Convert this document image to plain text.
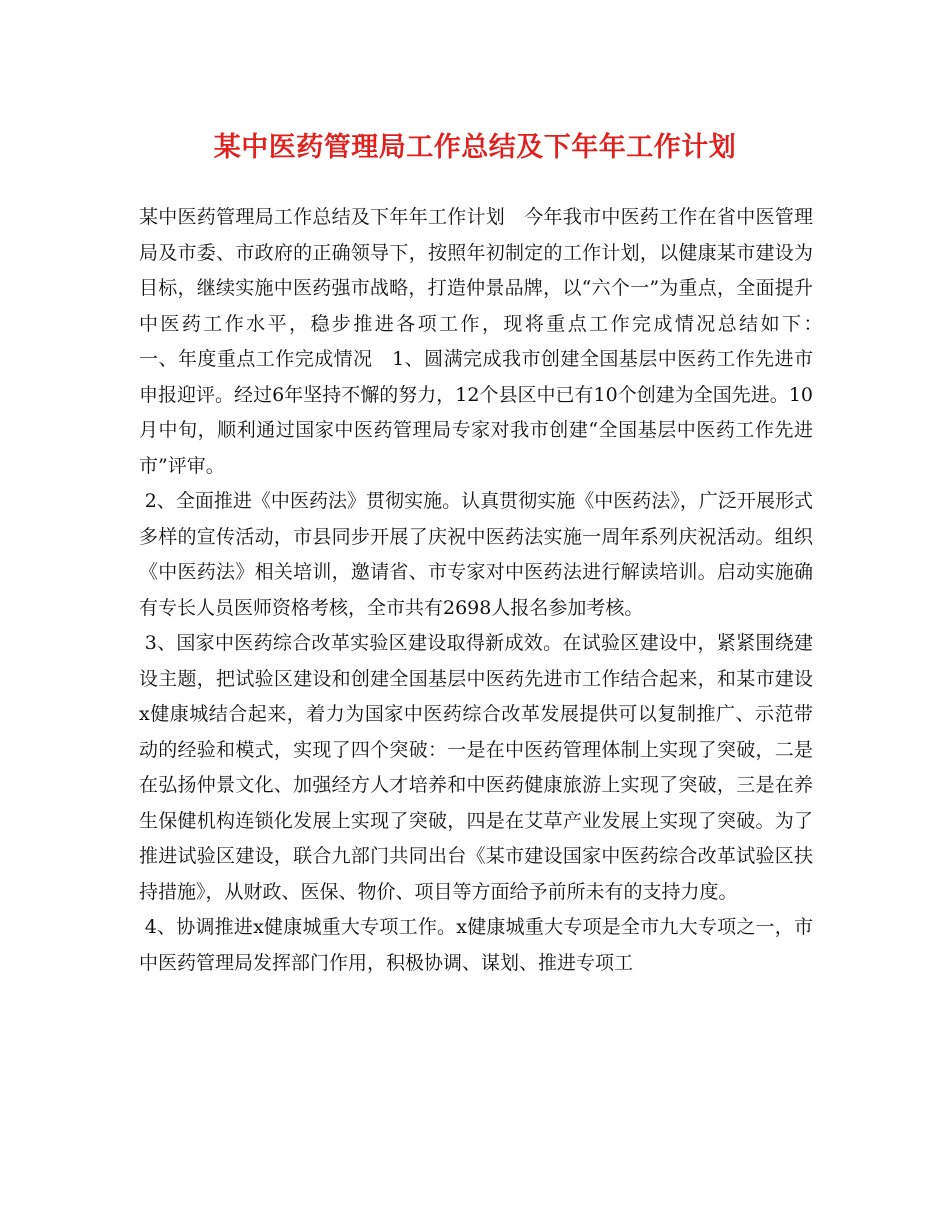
某中医药管理局工作总结及下年年工作计划

某中医药管理局工作总结及下年年工作计划　今年我市中医药工作在省中医管理局及市委、市政府的正确领导下，按照年初制定的工作计划，以健康某市建设为目标，继续实施中医药强市战略，打造仲景品牌，以“六个一”为重点，全面提升中医药工作水平，稳步推进各项工作，现将重点工作完成情况总结如下：　　一、年度重点工作完成情况　1、圆满完成我市创建全国基层中医药工作先进市申报迎评。经过6年坚持不懈的努力，12个县区中已有10个创建为全国先进。10月中旬，顺利通过国家中医药管理局专家对我市创建“全国基层中医药工作先进市”评审。

2、全面推进《中医药法》贯彻实施。认真贯彻实施《中医药法》，广泛开展形式多样的宣传活动，市县同步开展了庆祝中医药法实施一周年系列庆祝活动。组织《中医药法》相关培训，邀请省、市专家对中医药法进行解读培训。启动实施确有专长人员医师资格考核，全市共有2698人报名参加考核。

3、国家中医药综合改革实验区建设取得新成效。在试验区建设中，紧紧围绕建设主题，把试验区建设和创建全国基层中医药先进市工作结合起来，和某市建设x健康城结合起来，着力为国家中医药综合改革发展提供可以复制推广、示范带动的经验和模式，实现了四个突破：一是在中医药管理体制上实现了突破，二是在弘扬仲景文化、加强经方人才培养和中医药健康旅游上实现了突破，三是在养生保健机构连锁化发展上实现了突破，四是在艾草产业发展上实现了突破。为了推进试验区建设，联合九部门共同出台《某市建设国家中医药综合改革试验区扶持措施》，从财政、医保、物价、项目等方面给予前所未有的支持力度。

4、协调推进x健康城重大专项工作。x健康城重大专项是全市九大专项之一，市中医药管理局发挥部门作用，积极协调、谋划、推进专项工
